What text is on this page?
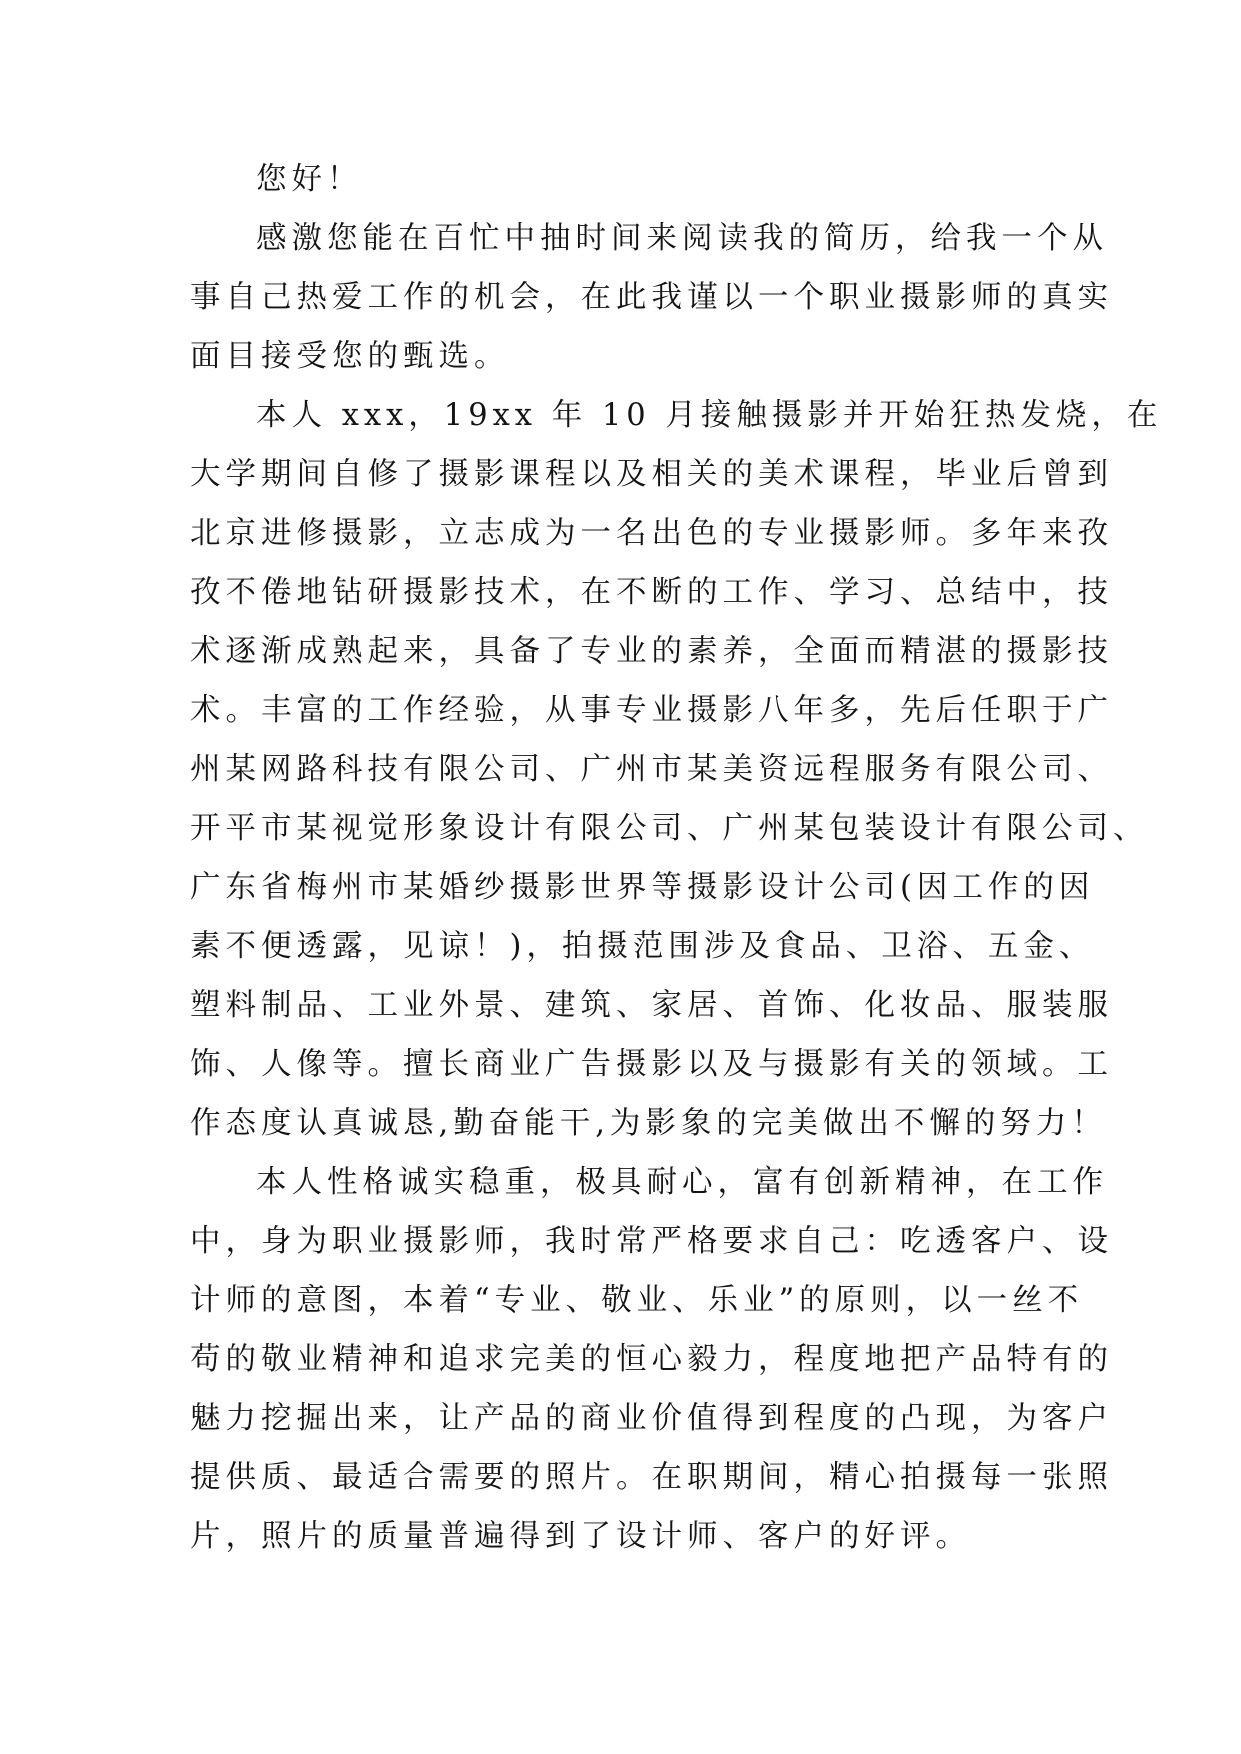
您好！
感激您能在百忙中抽时间来阅读我的简历，给我一个从
事自己热爱工作的机会，在此我谨以一个职业摄影师的真实
面目接受您的甄选。
本人 xxx，19xx 年 10 月接触摄影并开始狂热发烧，在
大学期间自修了摄影课程以及相关的美术课程，毕业后曾到
北京进修摄影，立志成为一名出色的专业摄影师。多年来孜
孜不倦地钻研摄影技术，在不断的工作、学习、总结中，技
术逐渐成熟起来，具备了专业的素养，全面而精湛的摄影技
术。丰富的工作经验，从事专业摄影八年多，先后任职于广
州某网路科技有限公司、广州市某美资远程服务有限公司、
开平市某视觉形象设计有限公司、广州某包装设计有限公司、
广东省梅州市某婚纱摄影世界等摄影设计公司(因工作的因
素不便透露，见谅！)，拍摄范围涉及食品、卫浴、五金、
塑料制品、工业外景、建筑、家居、首饰、化妆品、服装服
饰、人像等。擅长商业广告摄影以及与摄影有关的领域。工
作态度认真诚恳,勤奋能干,为影象的完美做出不懈的努力！
本人性格诚实稳重，极具耐心，富有创新精神，在工作
中，身为职业摄影师，我时常严格要求自己：吃透客户、设
计师的意图，本着“专业、敬业、乐业”的原则，以一丝不
苟的敬业精神和追求完美的恒心毅力，程度地把产品特有的
魅力挖掘出来，让产品的商业价值得到程度的凸现，为客户
提供质、最适合需要的照片。在职期间，精心拍摄每一张照
片，照片的质量普遍得到了设计师、客户的好评。
